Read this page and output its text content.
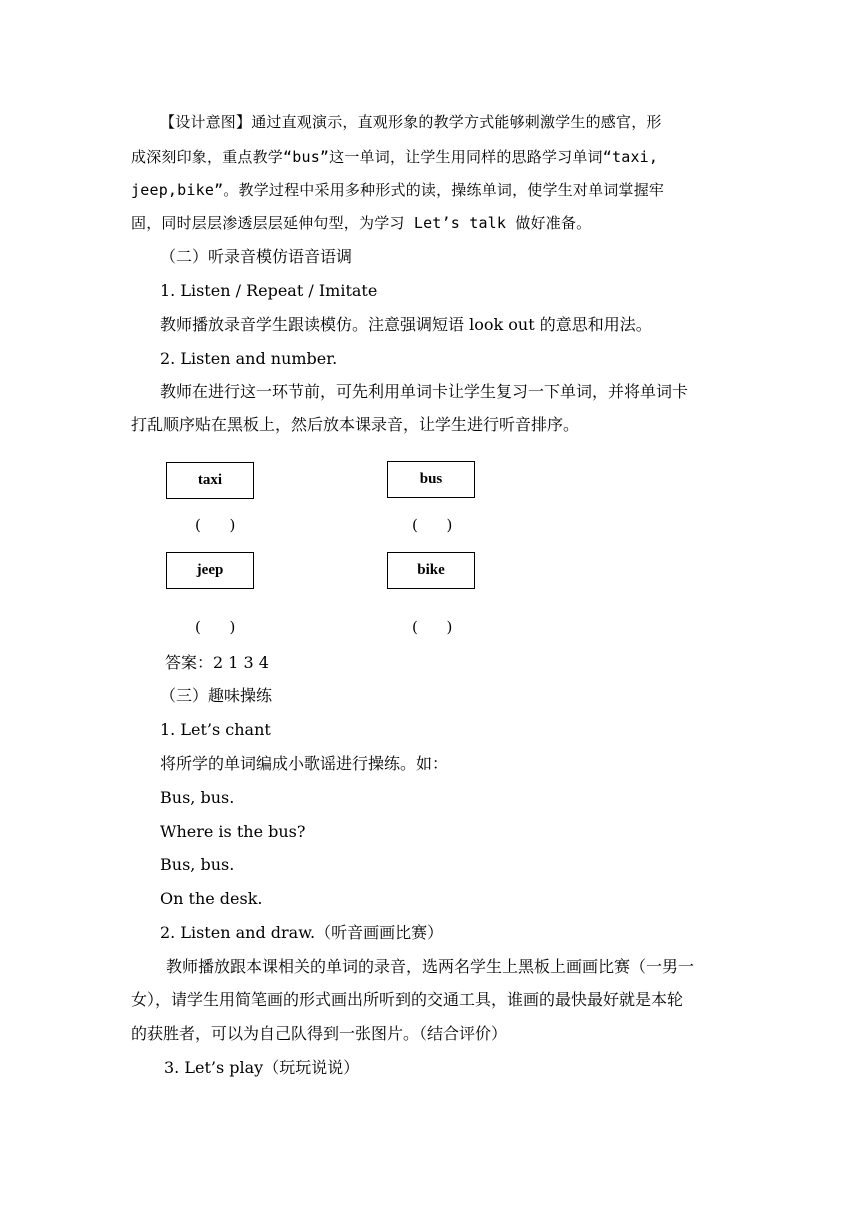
【设计意图】通过直观演示，直观形象的教学方式能够刺激学生的感官，形
成深刻印象，重点教学“bus”这一单词，让学生用同样的思路学习单词“taxi,
jeep,bike”。教学过程中采用多种形式的读，操练单词，使学生对单词掌握牢
固，同时层层渗透层层延伸句型，为学习 Let’s talk 做好准备。
（二）听录音模仿语音语调
1. Listen / Repeat / Imitate
教师播放录音学生跟读模仿。注意强调短语 look out 的意思和用法。
2. Listen and number.
教师在进行这一环节前，可先利用单词卡让学生复习一下单词，并将单词卡
打乱顺序贴在黑板上，然后放本课录音，让学生进行听音排序。
taxi	bus
(      )	(      )
jeep	bike
(      )	(      )
答案：2 1 3 4
（三）趣味操练
1. Let’s chant
将所学的单词编成小歌谣进行操练。如：
Bus, bus.
Where is the bus?
Bus, bus.
On the desk.
2. Listen and draw.（听音画画比赛）
教师播放跟本课相关的单词的录音，选两名学生上黑板上画画比赛（一男一
女），请学生用简笔画的形式画出所听到的交通工具，谁画的最快最好就是本轮
的获胜者，可以为自己队得到一张图片。（结合评价）
3. Let’s play（玩玩说说）
